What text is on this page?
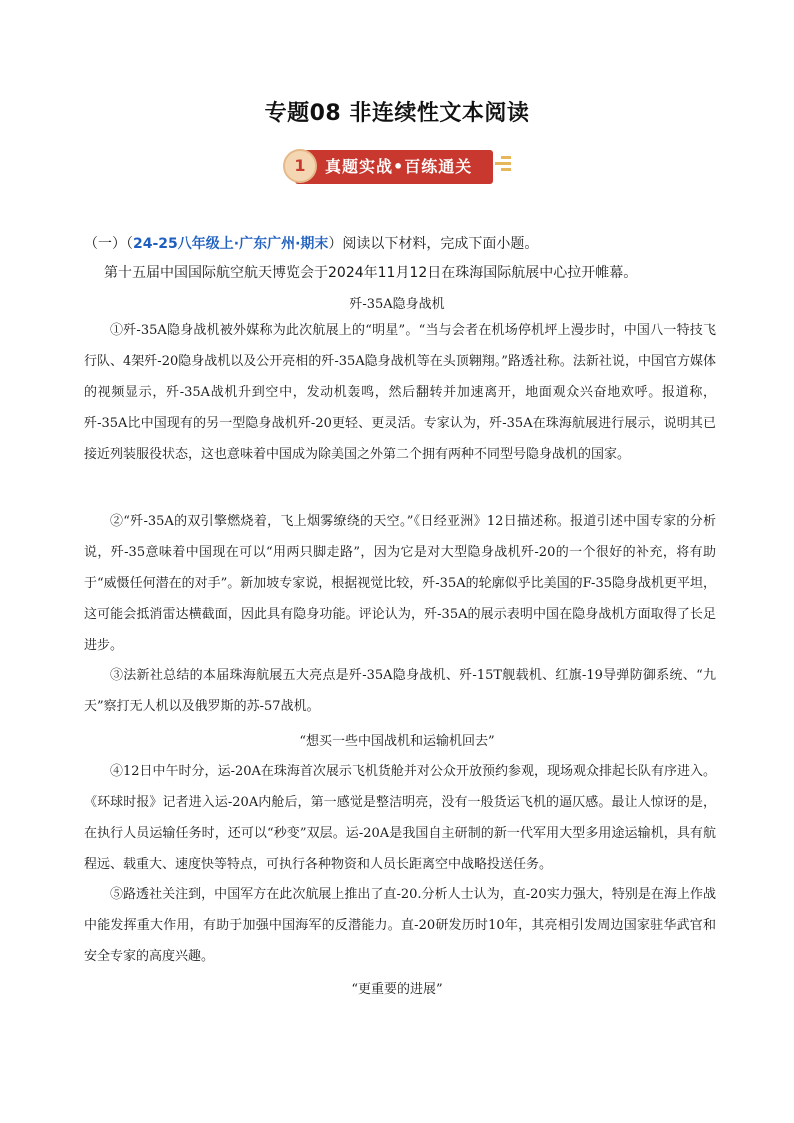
专题08 非连续性文本阅读
1	真题实战•百练通关
（一）（24-25八年级上·广东广州·期末）阅读以下材料，完成下面小题。
第十五届中国国际航空航天博览会于2024年11月12日在珠海国际航展中心拉开帷幕。
歼-35A隐身战机

①歼-35A隐身战机被外媒称为此次航展上的“明星”。“当与会者在机场停机坪上漫步时，中国八一特技飞行队、4架歼-20隐身战机以及公开亮相的歼-35A隐身战机等在头顶翱翔。”路透社称。法新社说，中国官方媒体的视频显示，歼-35A战机升到空中，发动机轰鸣，然后翻转并加速离开，地面观众兴奋地欢呼。报道称，歼-35A比中国现有的另一型隐身战机歼-20更轻、更灵活。专家认为，歼-35A在珠海航展进行展示，说明其已接近列装服役状态，这也意味着中国成为除美国之外第二个拥有两种不同型号隐身战机的国家。

②“歼-35A的双引擎燃烧着，飞上烟雾缭绕的天空。”《日经亚洲》12日描述称。报道引述中国专家的分析说，歼-35意味着中国现在可以“用两只脚走路”，因为它是对大型隐身战机歼-20的一个很好的补充，将有助于“威慑任何潜在的对手”。新加坡专家说，根据视觉比较，歼-35A的轮廓似乎比美国的F-35隐身战机更平坦，这可能会抵消雷达横截面，因此具有隐身功能。评论认为，歼-35A的展示表明中国在隐身战机方面取得了长足进步。

③法新社总结的本届珠海航展五大亮点是歼-35A隐身战机、歼-15T舰载机、红旗-19导弹防御系统、“九天”察打无人机以及俄罗斯的苏-57战机。

“想买一些中国战机和运输机回去”

④12日中午时分，运-20A在珠海首次展示飞机货舱并对公众开放预约参观，现场观众排起长队有序进入。《环球时报》记者进入运-20A内舱后，第一感觉是整洁明亮，没有一般货运飞机的逼仄感。最让人惊讶的是，在执行人员运输任务时，还可以“秒变”双层。运-20A是我国自主研制的新一代军用大型多用途运输机，具有航程远、载重大、速度快等特点，可执行各种物资和人员长距离空中战略投送任务。

⑤路透社关注到，中国军方在此次航展上推出了直-20.分析人士认为，直-20实力强大，特别是在海上作战中能发挥重大作用，有助于加强中国海军的反潜能力。直-20研发历时10年，其亮相引发周边国家驻华武官和安全专家的高度兴趣。

“更重要的进展”
